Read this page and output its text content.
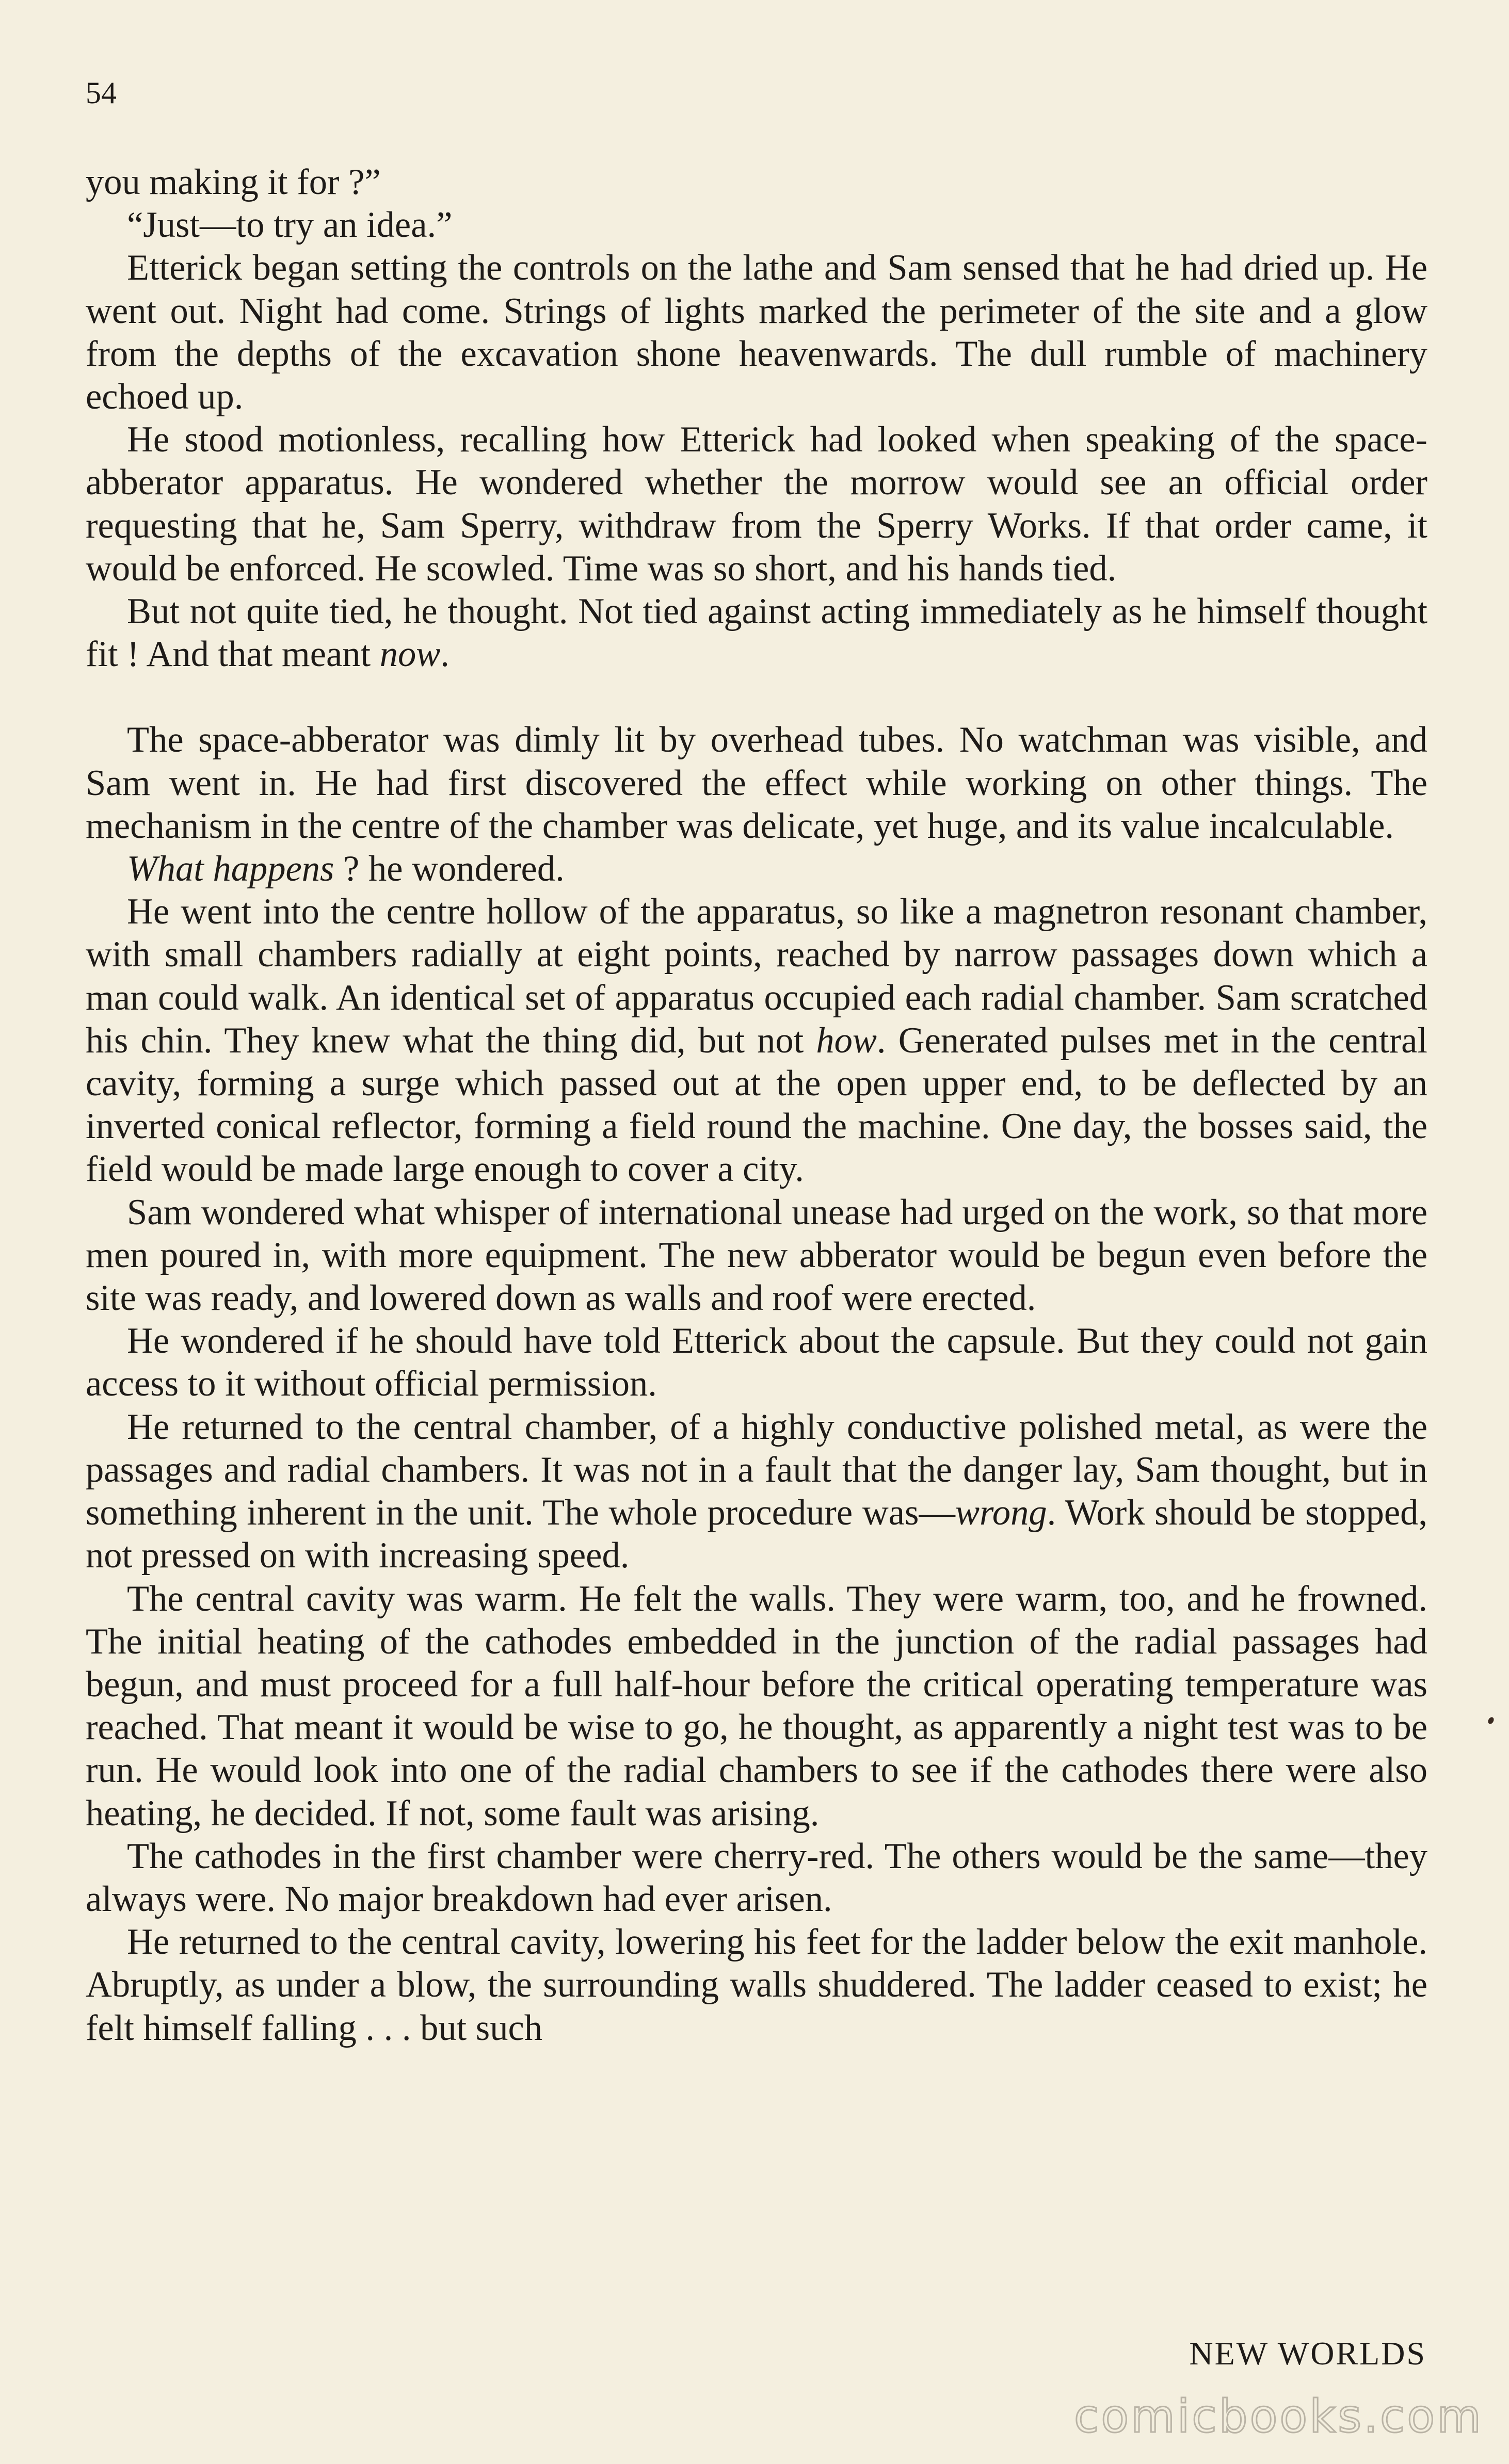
54

you making it for ?”

“Just—to try an idea.”

Etterick began setting the controls on the lathe and Sam sensed that he had dried up. He went out. Night had come. Strings of lights marked the perimeter of the site and a glow from the depths of the excavation shone heavenwards. The dull rumble of machinery echoed up.

He stood motionless, recalling how Etterick had looked when speaking of the space-abberator apparatus. He wondered whether the morrow would see an official order requesting that he, Sam Sperry, withdraw from the Sperry Works. If that order came, it would be enforced. He scowled. Time was so short, and his hands tied.

But not quite tied, he thought. Not tied against acting immediately as he himself thought fit ! And that meant now.

The space-abberator was dimly lit by overhead tubes. No watchman was visible, and Sam went in. He had first discovered the effect while working on other things. The mechanism in the centre of the chamber was delicate, yet huge, and its value incalculable.

What happens ? he wondered.

He went into the centre hollow of the apparatus, so like a magnetron resonant chamber, with small chambers radially at eight points, reached by narrow passages down which a man could walk. An identical set of apparatus occupied each radial chamber. Sam scratched his chin. They knew what the thing did, but not how. Generated pulses met in the central cavity, forming a surge which passed out at the open upper end, to be deflected by an inverted conical reflector, forming a field round the machine. One day, the bosses said, the field would be made large enough to cover a city.

Sam wondered what whisper of international unease had urged on the work, so that more men poured in, with more equipment. The new abberator would be begun even before the site was ready, and lowered down as walls and roof were erected.

He wondered if he should have told Etterick about the capsule. But they could not gain access to it without official permission.

He returned to the central chamber, of a highly conductive polished metal, as were the passages and radial chambers. It was not in a fault that the danger lay, Sam thought, but in something inherent in the unit. The whole procedure was—wrong. Work should be stopped, not pressed on with increasing speed.

The central cavity was warm. He felt the walls. They were warm, too, and he frowned. The initial heating of the cathodes embedded in the junction of the radial passages had begun, and must proceed for a full half-hour before the critical operating temperature was reached. That meant it would be wise to go, he thought, as apparently a night test was to be run. He would look into one of the radial chambers to see if the cathodes there were also heating, he decided. If not, some fault was arising.

The cathodes in the first chamber were cherry-red. The others would be the same—they always were. No major breakdown had ever arisen.

He returned to the central cavity, lowering his feet for the ladder below the exit manhole. Abruptly, as under a blow, the surrounding walls shuddered. The ladder ceased to exist; he felt himself falling . . . but such

NEW WORLDS
comicbooks.com
